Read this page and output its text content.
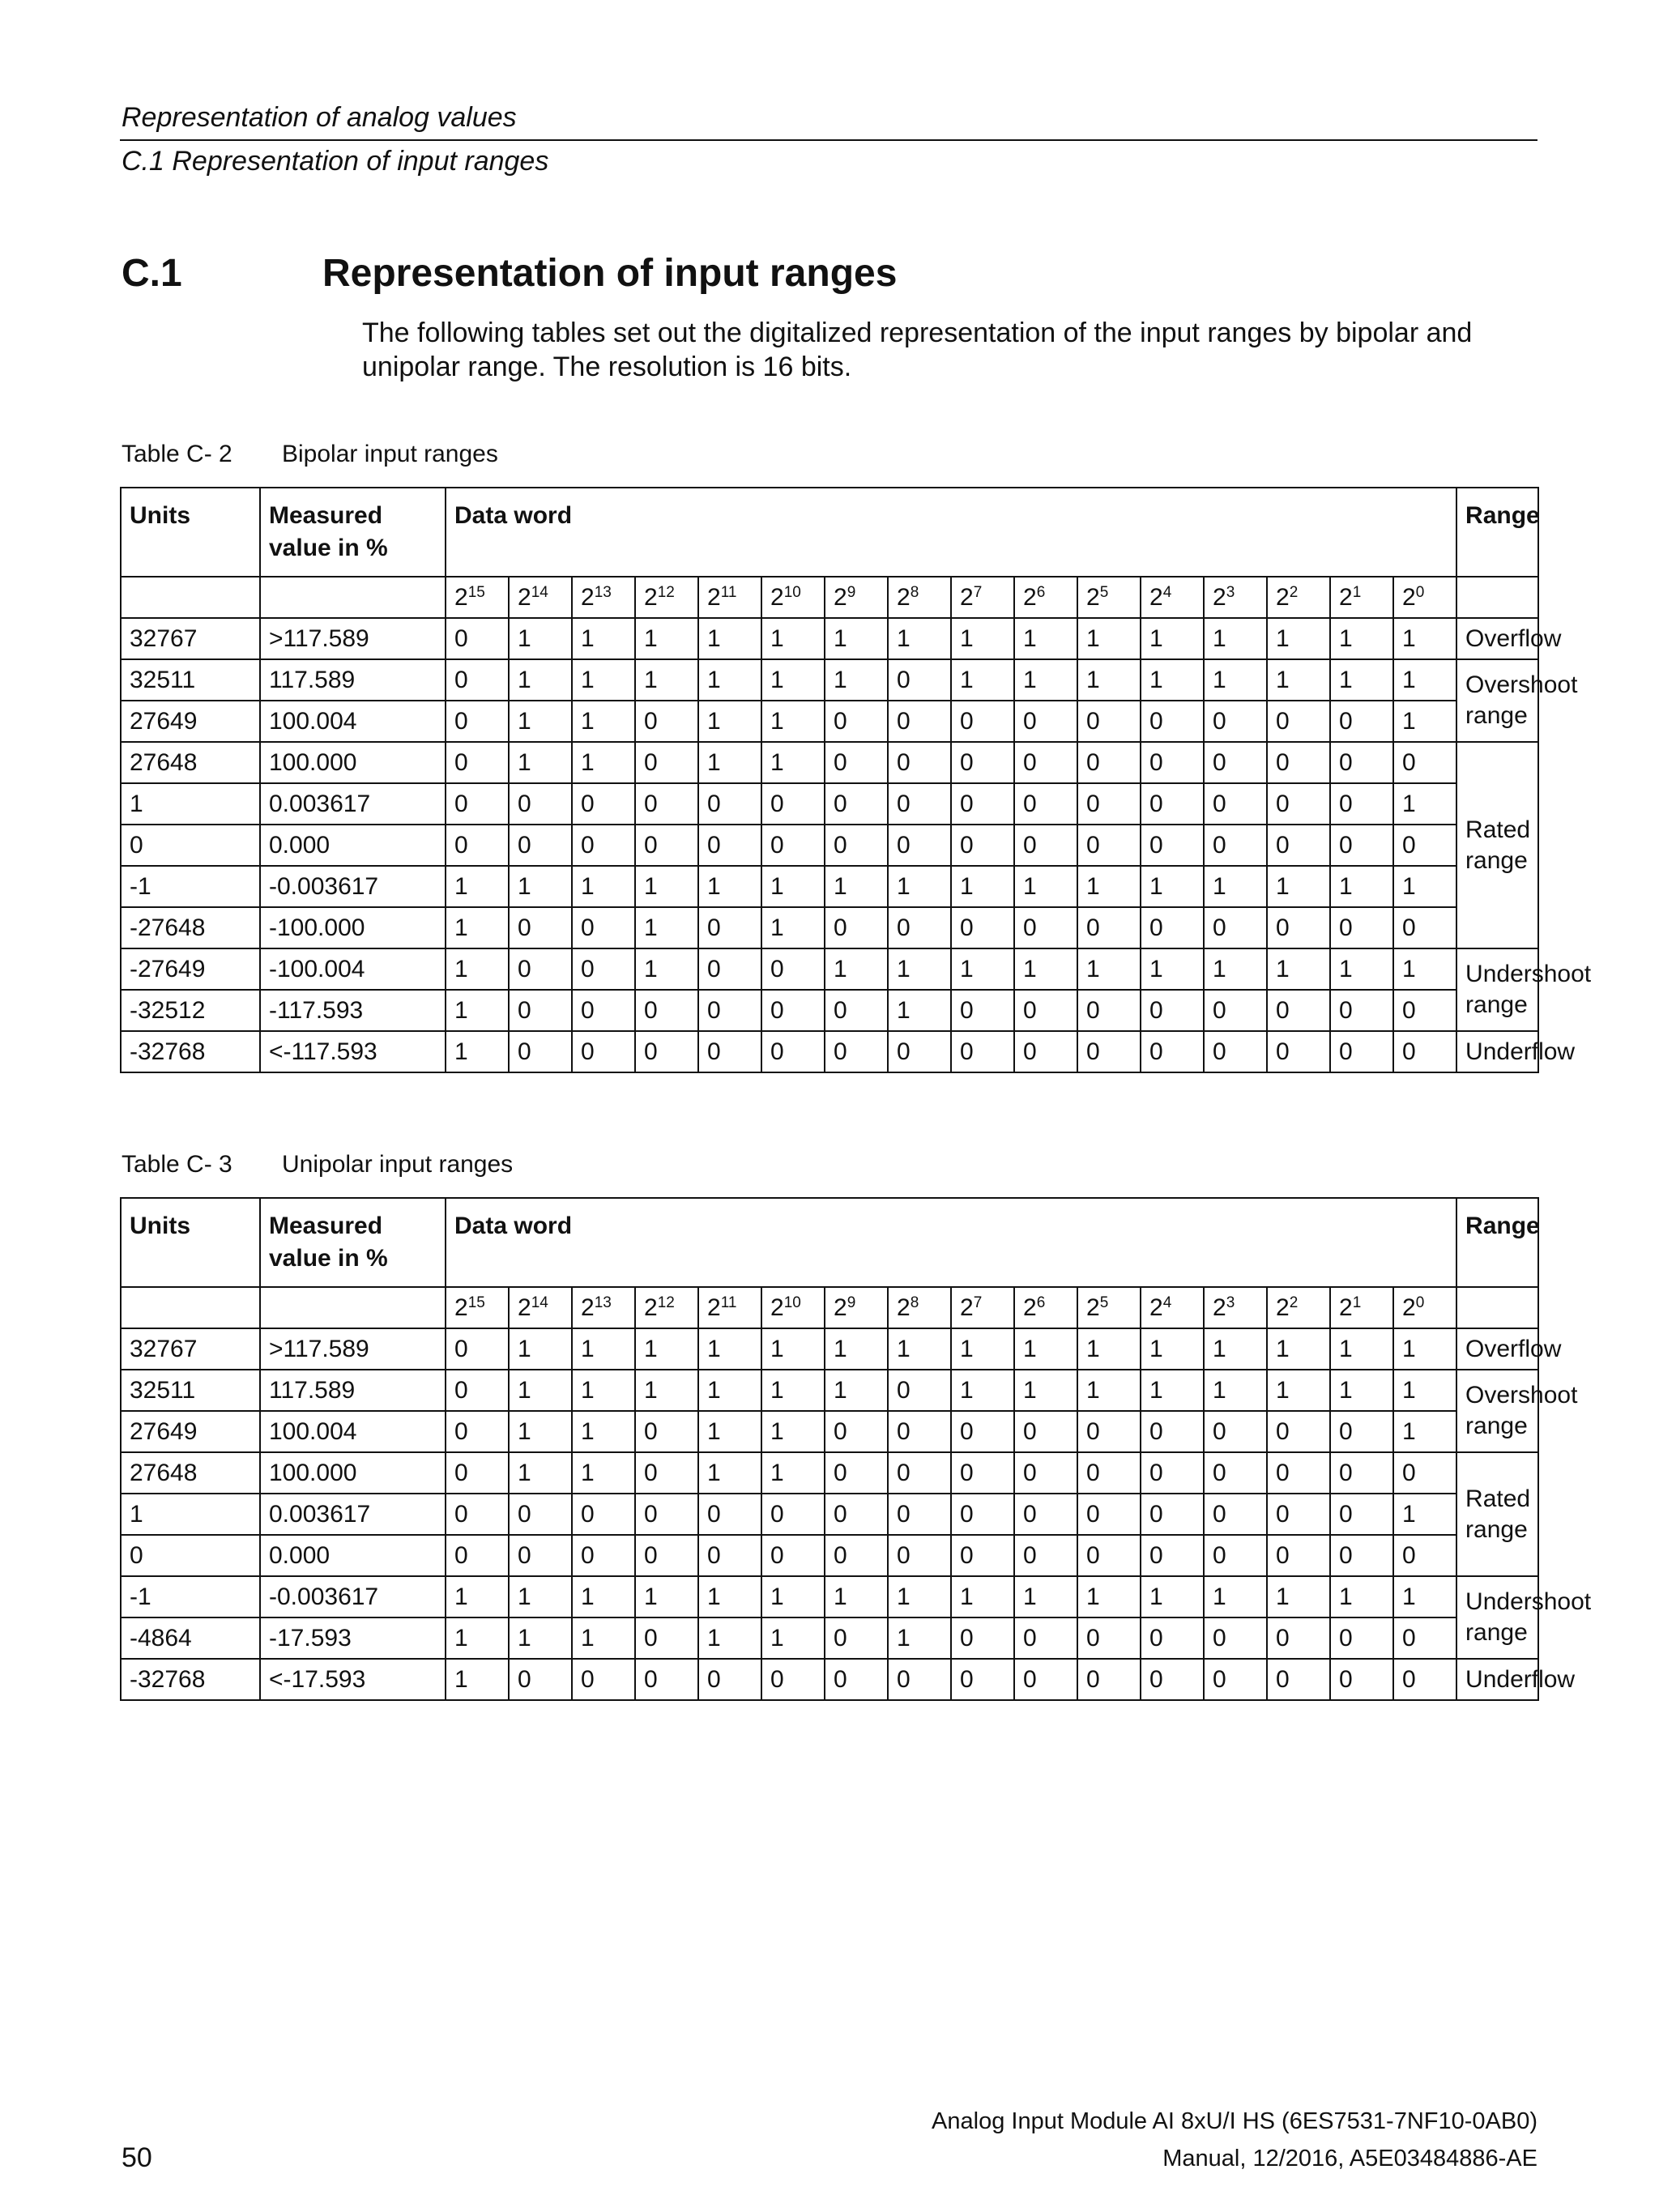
Representation of analog values
C.1 Representation of input ranges
C.1	Representation of input ranges
The following tables set out the digitalized representation of the input ranges by bipolar and unipolar range. The resolution is 16 bits.
Table C- 2 Bipolar input ranges
Units	Measured value in %	Data word																Range
		$2^{15}$	$2^{14}$	$2^{13}$	$2^{12}$	$2^{11}$	$2^{10}$	$2^9$	$2^8$	$2^7$	$2^6$	$2^5$	$2^4$	$2^3$	$2^2$	$2^1$	$2^0$	
32767	>117.589	0	1	1	1	1	1	1	1	1	1	1	1	1	1	1	1	Overflow
32511	117.589	0	1	1	1	1	1	1	0	1	1	1	1	1	1	1	1	Overshoot range
27649	100.004	0	1	1	0	1	1	0	0	0	0	0	0	0	0	0	1	
27648	100.000	0	1	1	0	1	1	0	0	0	0	0	0	0	0	0	0	Rated range
1	0.003617	0	0	0	0	0	0	0	0	0	0	0	0	0	0	0	1	
0	0.000	0	0	0	0	0	0	0	0	0	0	0	0	0	0	0	0	
-1	-0.003617	1	1	1	1	1	1	1	1	1	1	1	1	1	1	1	1	
-27648	-100.000	1	0	0	1	0	1	0	0	0	0	0	0	0	0	0	0	
-27649	-100.004	1	0	0	1	0	0	1	1	1	1	1	1	1	1	1	1	Undershoot range
-32512	-117.593	1	0	0	0	0	0	0	1	0	0	0	0	0	0	0	0	
-32768	<-117.593	1	0	0	0	0	0	0	0	0	0	0	0	0	0	0	0	Underflow
Table C- 3 Unipolar input ranges
Units	Measured value in %	Data word																Range
		$2^{15}$	$2^{14}$	$2^{13}$	$2^{12}$	$2^{11}$	$2^{10}$	$2^9$	$2^8$	$2^7$	$2^6$	$2^5$	$2^4$	$2^3$	$2^2$	$2^1$	$2^0$	
32767	>117.589	0	1	1	1	1	1	1	1	1	1	1	1	1	1	1	1	Overflow
32511	117.589	0	1	1	1	1	1	1	0	1	1	1	1	1	1	1	1	Overshoot range
27649	100.004	0	1	1	0	1	1	0	0	0	0	0	0	0	0	0	1	
27648	100.000	0	1	1	0	1	1	0	0	0	0	0	0	0	0	0	0	Rated range
1	0.003617	0	0	0	0	0	0	0	0	0	0	0	0	0	0	0	1	
0	0.000	0	0	0	0	0	0	0	0	0	0	0	0	0	0	0	0	
-1	-0.003617	1	1	1	1	1	1	1	1	1	1	1	1	1	1	1	1	Undershoot range
-4864	-17.593	1	1	1	0	1	1	0	1	0	0	0	0	0	0	0	0	
-32768	<-17.593	1	0	0	0	0	0	0	0	0	0	0	0	0	0	0	0	Underflow
Analog Input Module AI 8xU/I HS (6ES7531-7NF10-0AB0)
Manual, 12/2016, A5E03484886-AE
50
